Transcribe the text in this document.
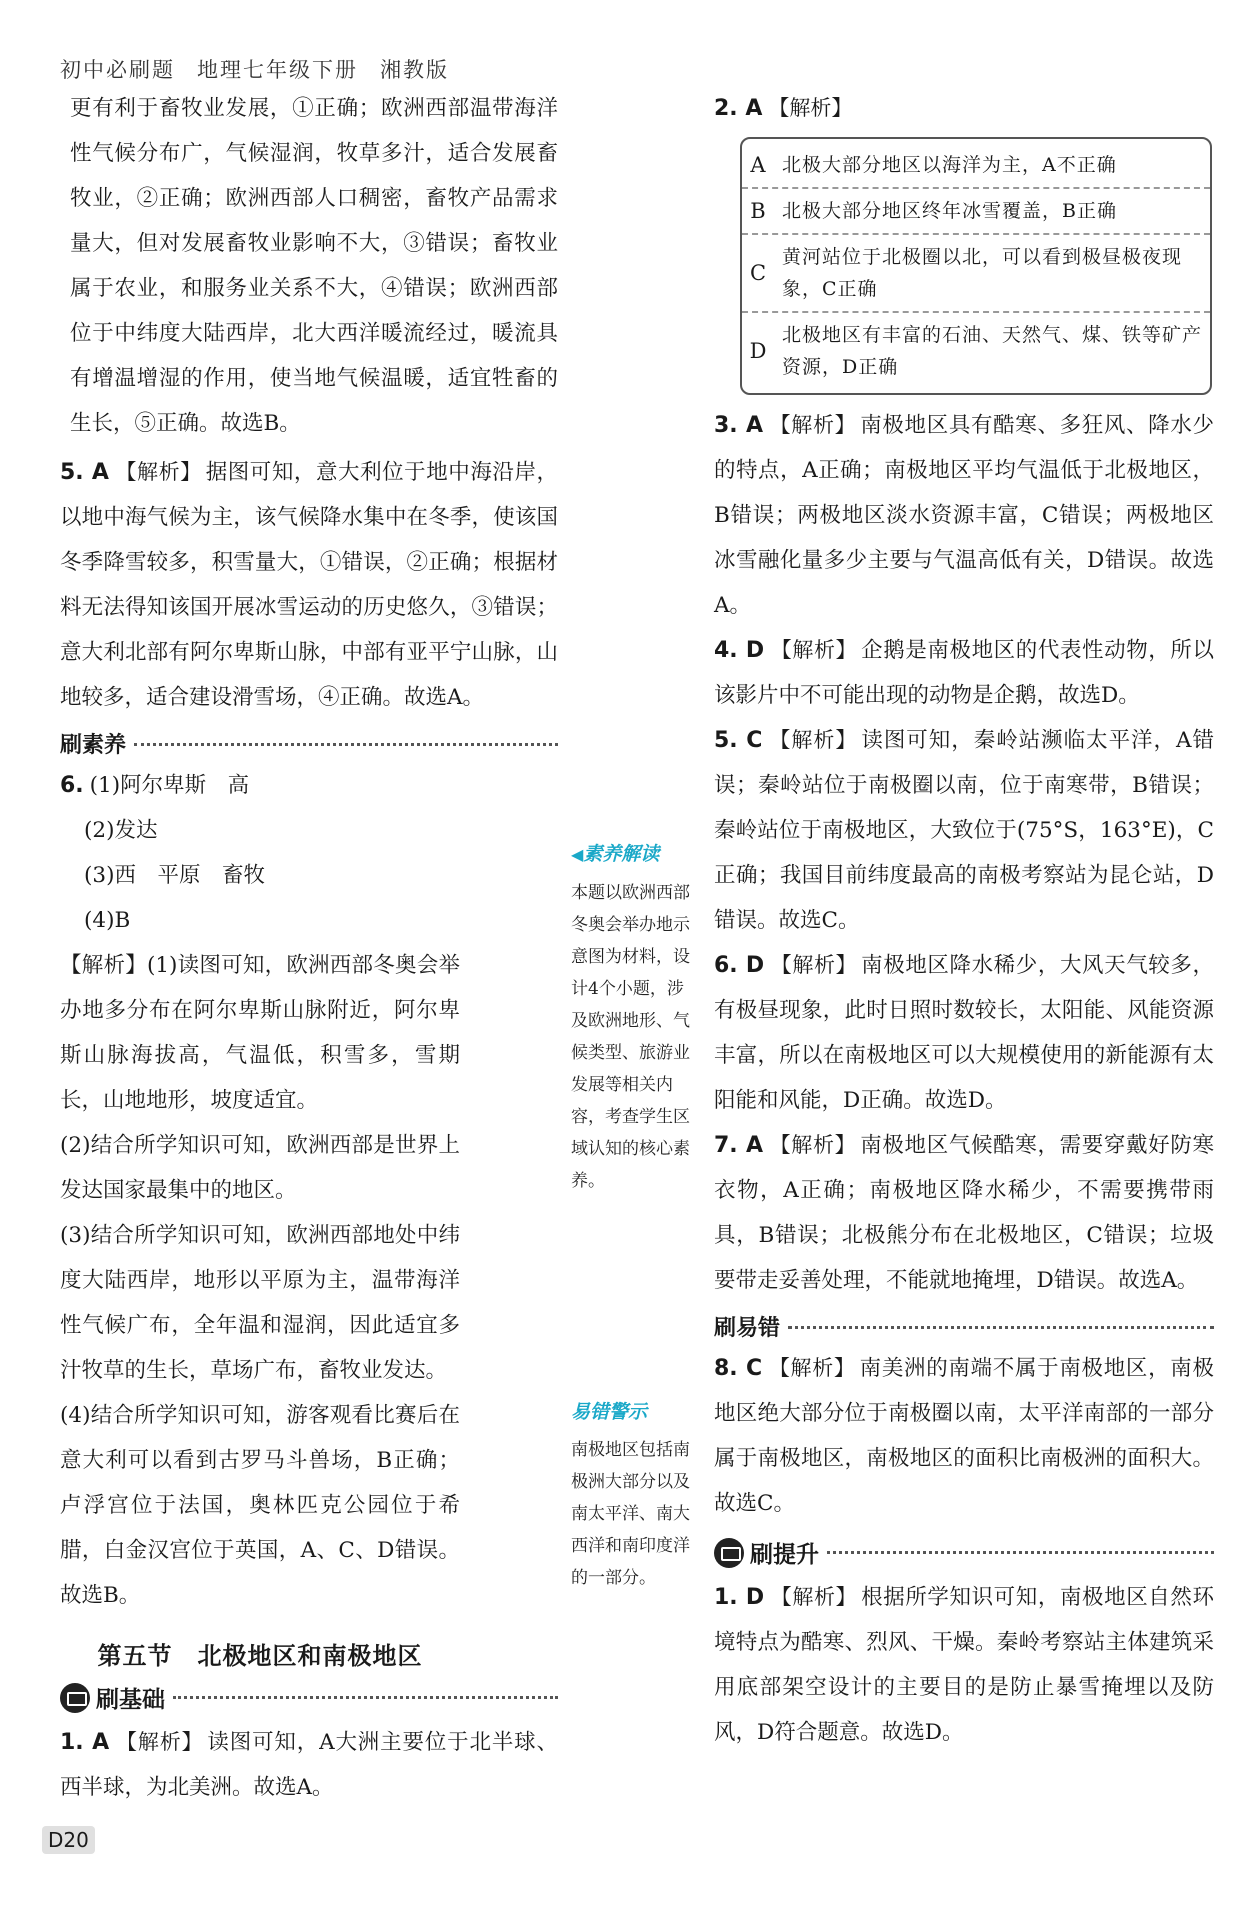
初中必刷题 地理七年级下册 湘教版

更有利于畜牧业发展，①正确；欧洲西部温带海洋性气候分布广，气候湿润，牧草多汁，适合发展畜牧业，②正确；欧洲西部人口稠密，畜牧产品需求量大，但对发展畜牧业影响不大，③错误；畜牧业属于农业，和服务业关系不大，④错误；欧洲西部位于中纬度大陆西岸，北大西洋暖流经过，暖流具有增温增湿的作用，使当地气候温暖，适宜牲畜的生长，⑤正确。故选B。

5. A 【解析】 据图可知，意大利位于地中海沿岸，以地中海气候为主，该气候降水集中在冬季，使该国冬季降雪较多，积雪量大，①错误，②正确；根据材料无法得知该国开展冰雪运动的历史悠久，③错误；意大利北部有阿尔卑斯山脉，中部有亚平宁山脉，山地较多，适合建设滑雪场，④正确。故选A。

刷素养

6. (1)阿尔卑斯　高

(2)发达

(3)西　平原　畜牧

(4)B

【解析】(1)读图可知，欧洲西部冬奥会举办地多分布在阿尔卑斯山脉附近，阿尔卑斯山脉海拔高，气温低，积雪多，雪期长，山地地形，坡度适宜。

(2)结合所学知识可知，欧洲西部是世界上发达国家最集中的地区。

(3)结合所学知识可知，欧洲西部地处中纬度大陆西岸，地形以平原为主，温带海洋性气候广布，全年温和湿润，因此适宜多汁牧草的生长，草场广布，畜牧业发达。

(4)结合所学知识可知，游客观看比赛后在意大利可以看到古罗马斗兽场，B正确；卢浮宫位于法国，奥林匹克公园位于希腊，白金汉宫位于英国，A、C、D错误。故选B。

第五节　北极地区和南极地区
刷基础

1. A 【解析】 读图可知，A大洲主要位于北半球、西半球，为北美洲。故选A。

◀素养解读
本题以欧洲西部冬奥会举办地示意图为材料，设计4个小题，涉及欧洲地形、气候类型、旅游业发展等相关内容，考查学生区域认知的核心素养。
易错警示
南极地区包括南极洲大部分以及南太平洋、南大西洋和南印度洋的一部分。

2. A 【解析】

A 北极大部分地区以海洋为主，A不正确
B 北极大部分地区终年冰雪覆盖，B正确
C
黄河站位于北极圈以北，可以看到极昼极夜现象，C正确
D
北极地区有丰富的石油、天然气、煤、铁等矿产资源，D正确

3. A 【解析】 南极地区具有酷寒、多狂风、降水少的特点，A正确；南极地区平均气温低于北极地区，B错误；两极地区淡水资源丰富，C错误；两极地区冰雪融化量多少主要与气温高低有关，D错误。故选A。

4. D 【解析】 企鹅是南极地区的代表性动物，所以该影片中不可能出现的动物是企鹅，故选D。

5. C 【解析】 读图可知，秦岭站濒临太平洋，A错误；秦岭站位于南极圈以南，位于南寒带，B错误；秦岭站位于南极地区，大致位于(75°S，163°E)，C正确；我国目前纬度最高的南极考察站为昆仑站，D错误。故选C。

6. D 【解析】 南极地区降水稀少，大风天气较多，有极昼现象，此时日照时数较长，太阳能、风能资源丰富，所以在南极地区可以大规模使用的新能源有太阳能和风能，D正确。故选D。

7. A 【解析】 南极地区气候酷寒，需要穿戴好防寒衣物，A正确；南极地区降水稀少，不需要携带雨具，B错误；北极熊分布在北极地区，C错误；垃圾要带走妥善处理，不能就地掩埋，D错误。故选A。

刷易错

8. C 【解析】 南美洲的南端不属于南极地区，南极地区绝大部分位于南极圈以南，太平洋南部的一部分属于南极地区，南极地区的面积比南极洲的面积大。故选C。

刷提升

1. D 【解析】 根据所学知识可知，南极地区自然环境特点为酷寒、烈风、干燥。秦岭考察站主体建筑采用底部架空设计的主要目的是防止暴雪掩埋以及防风，D符合题意。故选D。

D20
